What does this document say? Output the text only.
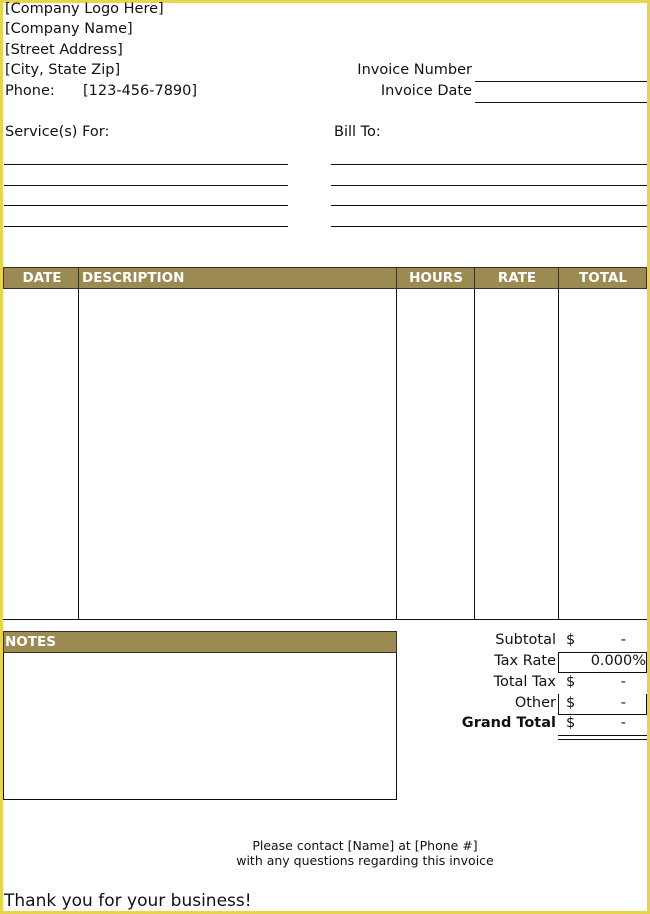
[Company Logo Here]
[Company Name]
[Street Address]
[City, State Zip]
Phone: [123-456-7890]
Invoice Number
Invoice Date
Service(s) For:	Bill To:
DATE	DESCRIPTION	HOURS	RATE	TOTAL
NOTES	Subtotal $	-
Tax Rate 0.000%
Total Tax $	-
Other $	-
Grand Total $	-
Please contact [Name] at [Phone #]
with any questions regarding this invoice
Thank you for your business!
